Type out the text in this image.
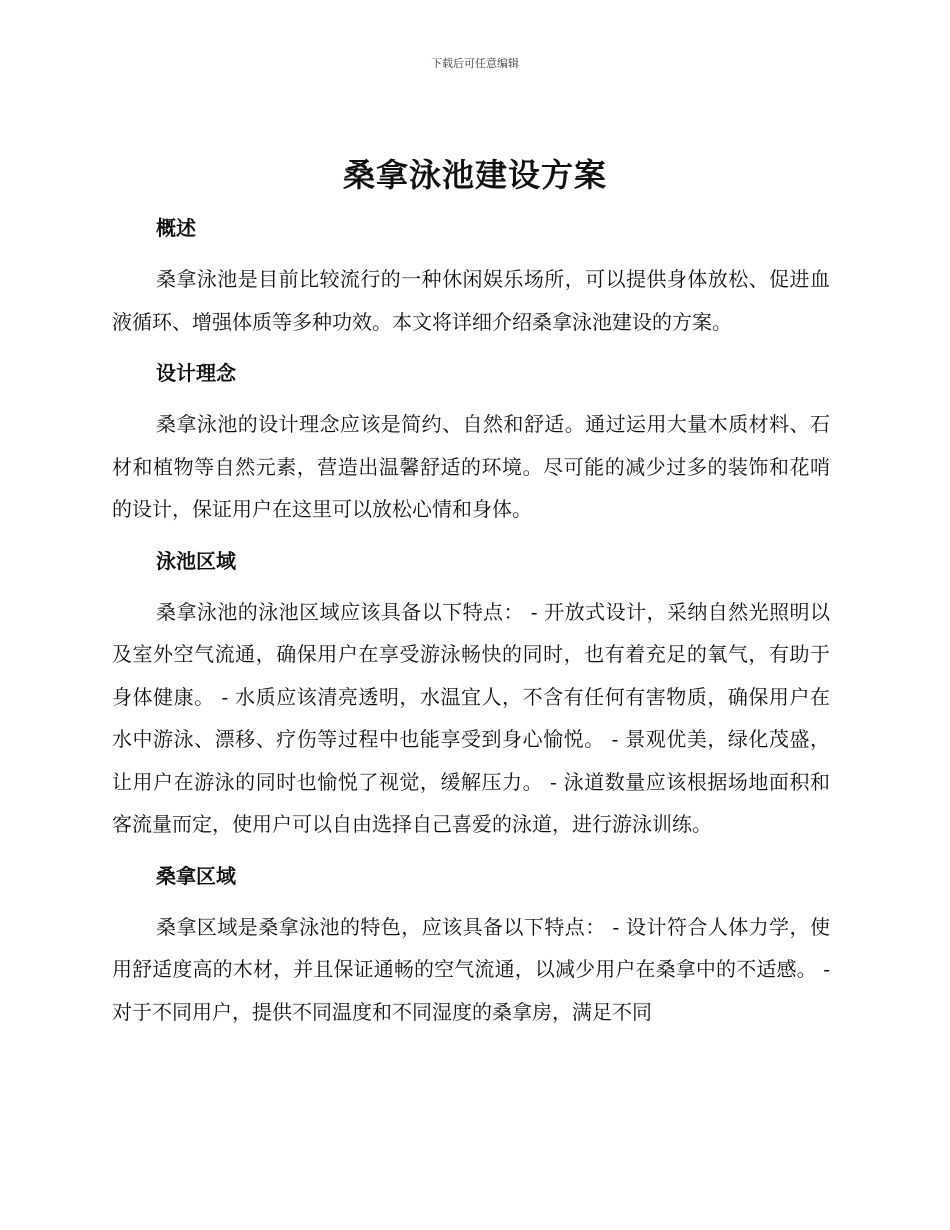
下载后可任意编辑
桑拿泳池建设方案
概述

桑拿泳池是目前比较流行的一种休闲娱乐场所，可以提供身体放松、促进血液循环、增强体质等多种功效。本文将详细介绍桑拿泳池建设的方案。

设计理念

桑拿泳池的设计理念应该是简约、自然和舒适。通过运用大量木质材料、石材和植物等自然元素，营造出温馨舒适的环境。尽可能的减少过多的装饰和花哨的设计，保证用户在这里可以放松心情和身体。

泳池区域

桑拿泳池的泳池区域应该具备以下特点： - 开放式设计，采纳自然光照明以及室外空气流通，确保用户在享受游泳畅快的同时，也有着充足的氧气，有助于身体健康。 - 水质应该清亮透明，水温宜人，不含有任何有害物质，确保用户在水中游泳、漂移、疗伤等过程中也能享受到身心愉悦。 - 景观优美，绿化茂盛，让用户在游泳的同时也愉悦了视觉，缓解压力。 - 泳道数量应该根据场地面积和客流量而定，使用户可以自由选择自己喜爱的泳道，进行游泳训练。

桑拿区域

桑拿区域是桑拿泳池的特色，应该具备以下特点： - 设计符合人体力学，使用舒适度高的木材，并且保证通畅的空气流通，以减少用户在桑拿中的不适感。 - 对于不同用户，提供不同温度和不同湿度的桑拿房，满足不同
